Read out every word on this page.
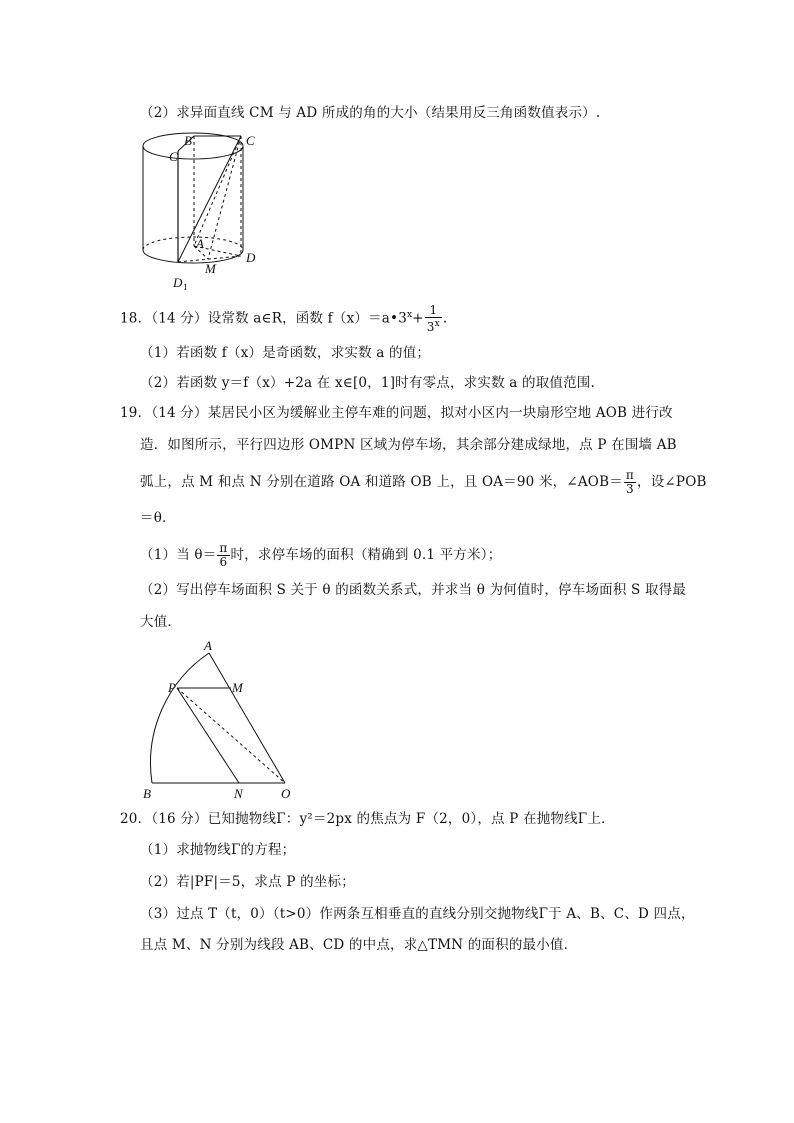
（2）求异面直线 CM 与 AD 所成的角的大小（结果用反三角函数值表示）.
B	C
C
A
D
M
D 1
18．（14 分）设常数 a∈R，函数 $f(x)=a•3^x+ \frac{1}{3^x}$ .
（1）若函数 f（x）是奇函数，求实数 a 的值；
（2）若函数 y＝f（x）+2a 在 x∈[0，1]时有零点，求实数 a 的取值范围.
19．（14 分）某居民小区为缓解业主停车难的问题，拟对小区内一块扇形空地 AOB 进行改
造．如图所示，平行四边形 OMPN 区域为停车场，其余部分建成绿地，点 P 在围墙 AB
弧上，点 M 和点 N 分别在道路 OA 和道路 OB 上，且 OA＝90 米，∠AOB＝ $\frac{\pi}{3}$ ，设∠POB
＝θ．
（1）当 $\theta= \frac{\pi}{6}$ 时，求停车场的面积（精确到 0.1 平方米）；
（2）写出停车场面积 S 关于 θ 的函数关系式，并求当 θ 为何值时，停车场面积 S 取得最
大值．
A
P	M
B	N	O
20．（16 分）已知抛物线Γ：y²＝2px 的焦点为 F（2，0），点 P 在抛物线Γ上．
（1）求抛物线Γ的方程；
（2）若|PF|＝5，求点 P 的坐标；
（3）过点 T（t，0）（t>0）作两条互相垂直的直线分别交抛物线Γ于 A、B、C、D 四点，
且点 M、N 分别为线段 AB、CD 的中点，求△TMN 的面积的最小值．
